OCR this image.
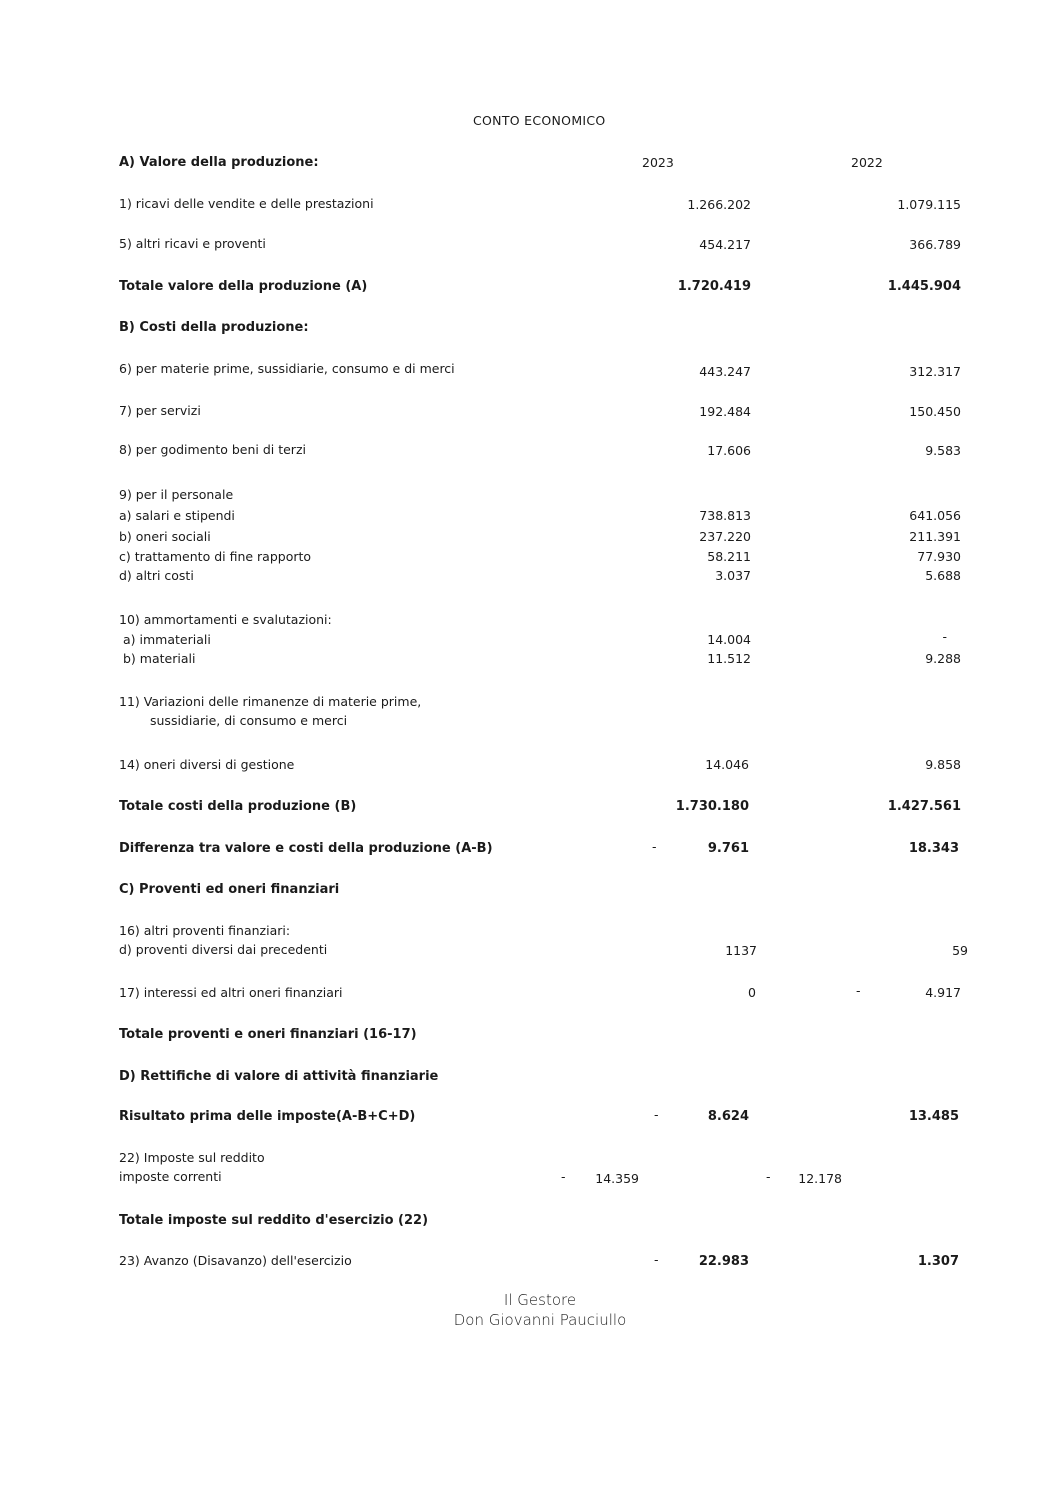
CONTO ECONOMICO
A) Valore della produzione:	2023	2022
1) ricavi delle vendite e delle prestazioni	1.266.202	1.079.115
5) altri ricavi e proventi	454.217	366.789
Totale valore della produzione (A)	1.720.419	1.445.904
B) Costi della produzione:
6) per materie prime, sussidiarie, consumo e di merci	443.247	312.317
7) per servizi	192.484	150.450
8) per godimento beni di terzi	17.606	9.583
9) per il personale
a) salari e stipendi	738.813	641.056
b) oneri sociali	237.220	211.391
c) trattamento di fine rapporto	58.211	77.930
d) altri costi	3.037	5.688
10) ammortamenti e svalutazioni:
a) immateriali	14.004	-
b) materiali	11.512	9.288
11) Variazioni delle rimanenze di materie prime,
sussidiarie, di consumo e merci
14) oneri diversi di gestione	14.046	9.858
Totale costi della produzione (B)	1.730.180	1.427.561
Differenza tra valore e costi della produzione (A-B)	-	9.761	18.343
C) Proventi ed oneri finanziari
16) altri proventi finanziari:
d) proventi diversi dai precedenti	1137	59
17) interessi ed altri oneri finanziari	0	-	4.917
Totale proventi e oneri finanziari (16-17)
D) Rettifiche di valore di attività finanziarie
Risultato prima delle imposte(A-B+C+D)	-	8.624	13.485
22) Imposte sul reddito
imposte correnti	- 14.359	- 12.178
Totale imposte sul reddito d'esercizio (22)
23) Avanzo (Disavanzo) dell'esercizio	-	22.983	1.307
Il Gestore
Don Giovanni Pauciullo
